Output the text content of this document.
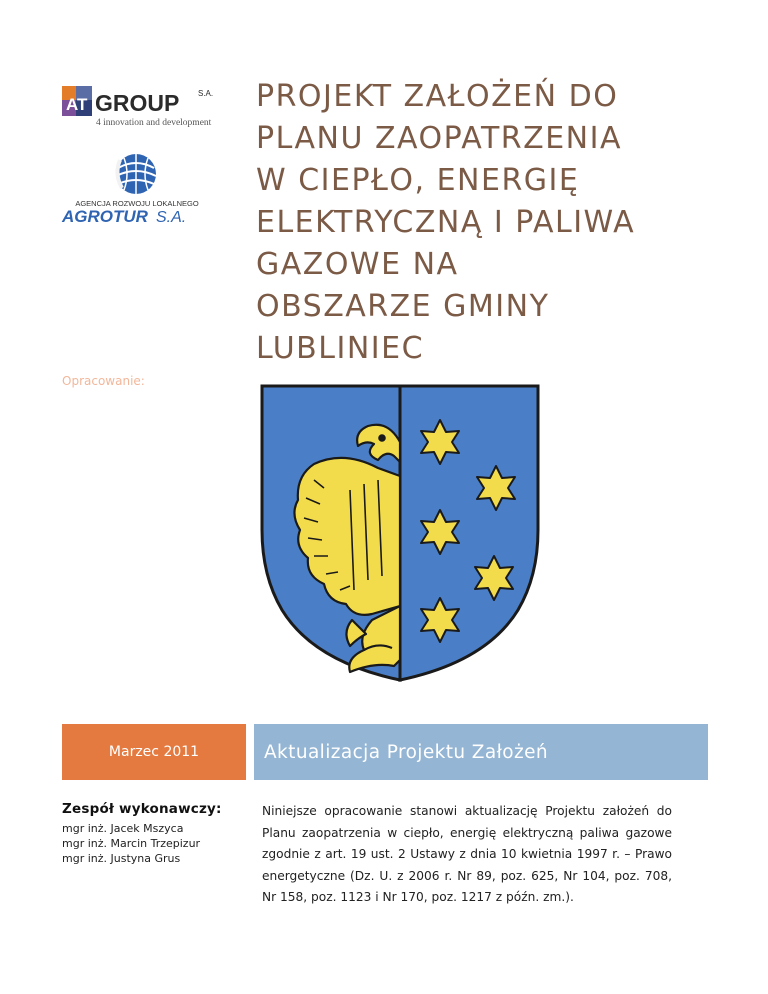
AT GROUP S.A.
4 innovation and development
AGENCJA ROZWOJU LOKALNEGO
AGROTUR S.A.
PROJEKT ZAŁOŻEŃ DO
PLANU ZAOPATRZENIA
W CIEPŁO, ENERGIĘ
ELEKTRYCZNĄ I PALIWA
GAZOWE NA
OBSZARZE GMINY
LUBLINIEC
Opracowanie:
Marzec 2011	Aktualizacja Projektu Założeń
Zespół wykonawczy:
mgr inż. Jacek Mszyca
mgr inż. Marcin Trzepizur
mgr inż. Justyna Grus
Niniejsze opracowanie stanowi aktualizację Projektu założeń do Planu zaopatrzenia w ciepło, energię elektryczną paliwa gazowe zgodnie z art. 19 ust. 2 Ustawy z dnia 10 kwietnia 1997 r. – Prawo energetyczne (Dz. U. z 2006 r. Nr 89, poz. 625, Nr 104, poz. 708, Nr 158, poz. 1123 i Nr 170, poz. 1217 z późn. zm.).
